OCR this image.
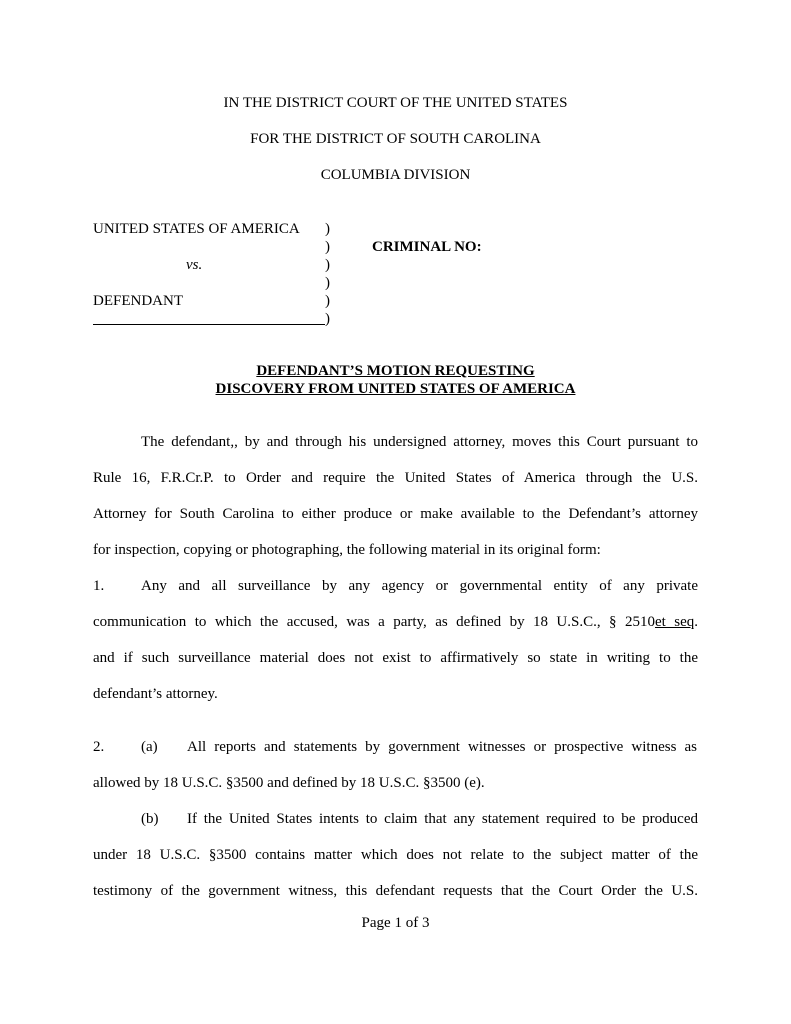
IN THE DISTRICT COURT OF THE UNITED STATES
FOR THE DISTRICT OF SOUTH CAROLINA
COLUMBIA DIVISION
UNITED STATES OF AMERICA
vs.
DEFENDANT
)
)
)
)
)
)
CRIMINAL NO:
DEFENDANT’S MOTION REQUESTING
DISCOVERY FROM UNITED STATES OF AMERICA
The defendant,, by and through his undersigned attorney, moves this Court pursuant to
Rule 16, F.R.Cr.P. to Order and require the United States of America through the U.S.
Attorney for South Carolina to either produce or make available to the Defendant’s attorney
for inspection, copying or photographing, the following material in its original form:
1. Any and all surveillance by any agency or governmental entity of any private
communication to which the accused, was a party, as defined by 18 U.S.C., § 2510et seq.
and if such surveillance material does not exist to affirmatively so state in writing to the
defendant’s attorney.
2. (a) All reports and statements by government witnesses or prospective witness as
allowed by 18 U.S.C. §3500 and defined by 18 U.S.C. §3500 (e).
(b) If the United States intents to claim that any statement required to be produced
under 18 U.S.C. §3500 contains matter which does not relate to the subject matter of the
testimony of the government witness, this defendant requests that the Court Order the U.S.
Page 1 of 3
